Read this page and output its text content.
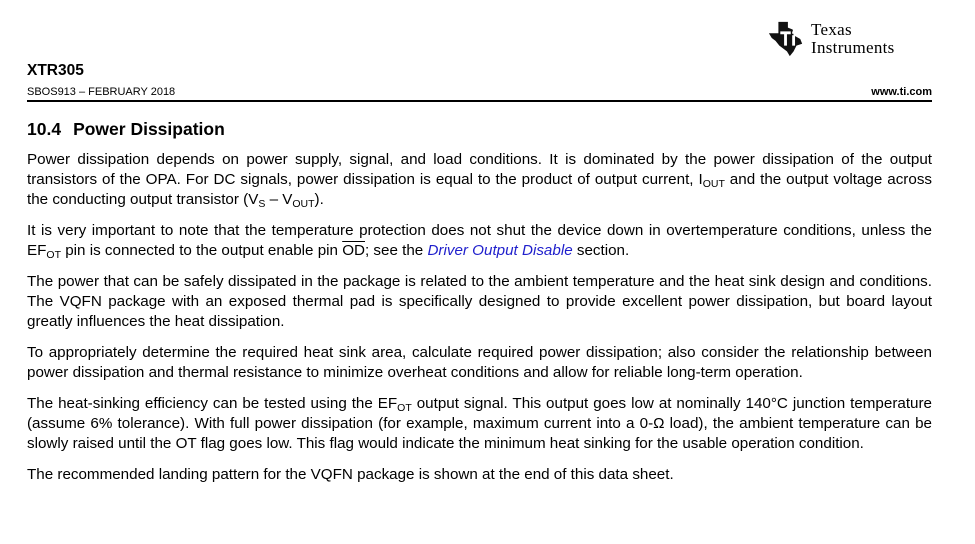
Texas
Instruments
XTR305
SBOS913 – FEBRUARY 2018	www.ti.com
10.4 Power Dissipation

Power dissipation depends on power supply, signal, and load conditions. It is dominated by the power dissipation of the output transistors of the OPA. For DC signals, power dissipation is equal to the product of output current, $I_{OUT}$ and the output voltage across the conducting output transistor $(V_S - V_{OUT})$.

It is very important to note that the temperature protection does not shut the device down in overtemperature conditions, unless the $EF_{OT}$ pin is connected to the output enable pin $\overline{OD}$; see the Driver Output Disable section.

The power that can be safely dissipated in the package is related to the ambient temperature and the heat sink design and conditions. The VQFN package with an exposed thermal pad is specifically designed to provide excellent power dissipation, but board layout greatly influences the heat dissipation.

To appropriately determine the required heat sink area, calculate required power dissipation; also consider the relationship between power dissipation and thermal resistance to minimize overheat conditions and allow for reliable long-term operation.

The heat-sinking efficiency can be tested using the $EF_{OT}$ output signal. This output goes low at nominally 140°C junction temperature (assume 6% tolerance). With full power dissipation (for example, maximum current into a 0-Ω load), the ambient temperature can be slowly raised until the OT flag goes low. This flag would indicate the minimum heat sinking for the usable operation condition.

The recommended landing pattern for the VQFN package is shown at the end of this data sheet.
